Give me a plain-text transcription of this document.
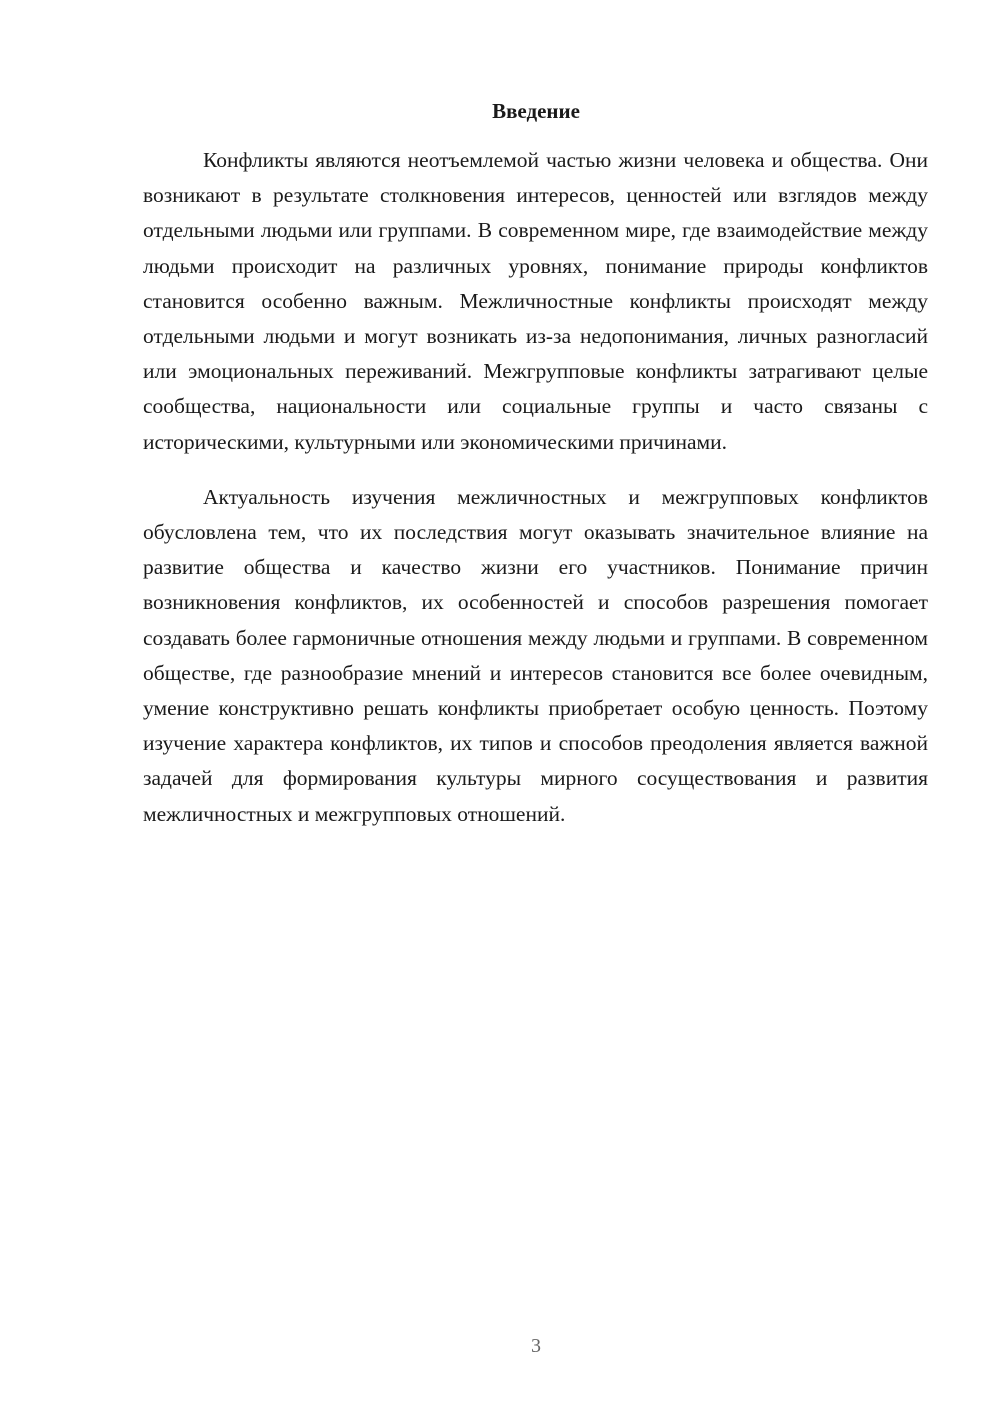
Введение

Конфликты являются неотъемлемой частью жизни человека и общества. Они возникают в результате столкновения интересов, ценностей или взглядов между отдельными людьми или группами. В современном мире, где взаимодействие между людьми происходит на различных уровнях, понимание природы конфликтов становится особенно важным. Межличностные конфликты происходят между отдельными людьми и могут возникать из-за недопонимания, личных разногласий или эмоциональных переживаний. Межгрупповые конфликты затрагивают целые сообщества, национальности или социальные группы и часто связаны с историческими, культурными или экономическими причинами.

Актуальность изучения межличностных и межгрупповых конфликтов обусловлена тем, что их последствия могут оказывать значительное влияние на развитие общества и качество жизни его участников. Понимание причин возникновения конфликтов, их особенностей и способов разрешения помогает создавать более гармоничные отношения между людьми и группами. В современном обществе, где разнообразие мнений и интересов становится все более очевидным, умение конструктивно решать конфликты приобретает особую ценность. Поэтому изучение характера конфликтов, их типов и способов преодоления является важной задачей для формирования культуры мирного сосуществования и развития межличностных и межгрупповых отношений.

3
